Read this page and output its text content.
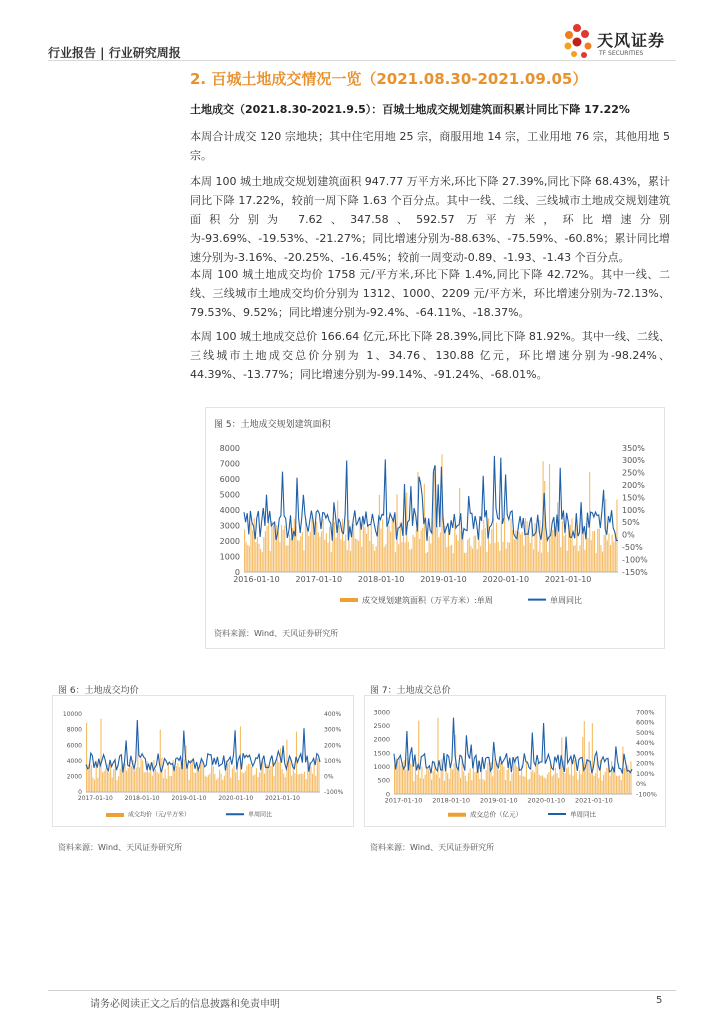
行业报告 | 行业研究周报
天风证券
TF SECURITIES
2. 百城土地成交情况一览（2021.08.30-2021.09.05）
土地成交（2021.8.30-2021.9.5）：百城土地成交规划建筑面积累计同比下降 17.22%

本周合计成交 120 宗地块；其中住宅用地 25 宗，商服用地 14 宗，工业用地 76 宗，其他用地 5 宗。

本周 100 城土地成交规划建筑面积 947.77 万平方米,环比下降 27.39%,同比下降 68.43%，累计同比下降 17.22%，较前一周下降 1.63 个百分点。其中一线、二线、三线城市土地成交规划建筑面积分别为 7.62、347.58、592.57 万平方米，环比增速分别为-93.69%、-19.53%、-21.27%；同比增速分别为-88.63%、-75.59%、-60.8%；累计同比增速分别为-3.16%、-20.25%、-16.45%；较前一周变动-0.89、-1.93、-1.43 个百分点。

本周 100 城土地成交均价 1758 元/平方米,环比下降 1.4%,同比下降 42.72%。其中一线、二线、三线城市土地成交均价分别为 1312、1000、2209 元/平方米，环比增速分别为-72.13%、79.53%、9.52%；同比增速分别为-92.4%、-64.11%、-18.37%。

本周 100 城土地成交总价 166.64 亿元,环比下降 28.39%,同比下降 81.92%。其中一线、二线、三线城市土地成交总价分别为 1、34.76、130.88 亿元，环比增速分别为-98.24%、44.39%、-13.77%；同比增速分别为-99.14%、-91.24%、-68.01%。

图 5：土地成交规划建筑面积
0
1000
2000
3000
4000
5000
6000
7000
8000
-150%
-100%
-50%
0%
50%
100%
150%
200%
250%
300%
350%
2016-01-10 2017-01-10 2018-01-10 2019-01-10 2020-01-10 2021-01-10
成交规划建筑面积（万平方米）:单周	单周同比
资料来源：Wind、天风证券研究所
图 6：土地成交均价
0
2000
4000
6000
8000
10000
-100%
0%
100%
200%
300%
400%
2017-01-10 2018-01-10 2019-01-10 2020-01-10 2021-01-10
成交均价（元/平方米）	单周同比
资料来源：Wind、天风证券研究所
图 7：土地成交总价
0
500
1000
1500
2000
2500
3000
-100%
0%
100%
200%
300%
400%
500%
600%
700%
2017-01-10 2018-01-10 2019-01-10 2020-01-10 2021-01-10
成交总价（亿元）	单周同比
资料来源：Wind、天风证券研究所
请务必阅读正文之后的信息披露和免责申明	5
